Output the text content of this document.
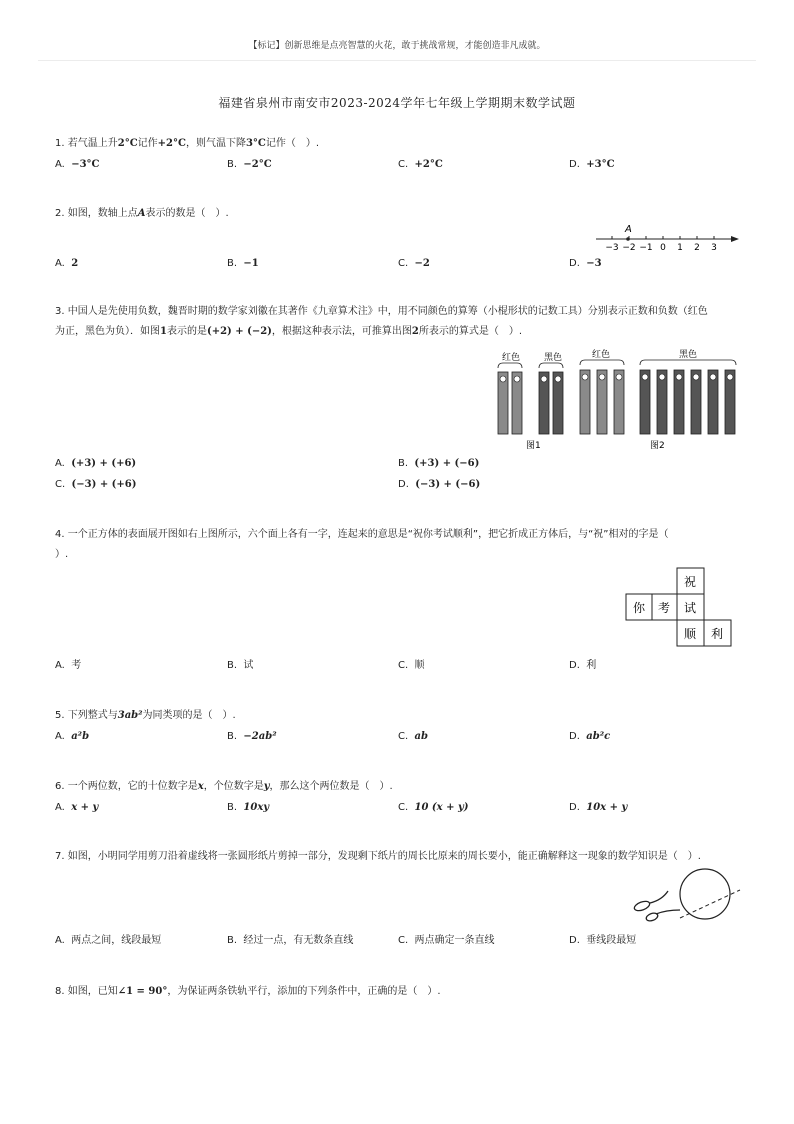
【标记】创新思维是点亮智慧的火花，敢于挑战常规，才能创造非凡成就。
福建省泉州市南安市2023-2024学年七年级上学期期末数学试题
1. 若气温上升2°C记作+2°C，则气温下降3°C记作（　）.
A. −3°C	B. −2°C	C. +2°C	D. +3°C
2. 如图，数轴上点A表示的数是（　）.
−3 −2 −1 0 1 2 3
A
A. 2	B. −1	C. −2	D. −3
3. 中国人是先使用负数，魏晋时期的数学家刘徽在其著作《九章算术注》中，用不同颜色的算筹（小棍形状的记数工具）分别表示正数和负数（红色
为正，黑色为负）．如图1表示的是(+2) + (−2)，根据这种表示法，可推算出图2所表示的算式是（　）.
红色	黑色	红色	黑色
图1	图2
A. (+3) + (+6)	B. (+3) + (−6)
C. (−3) + (+6)	D. (−3) + (−6)
4. 一个正方体的表面展开图如右上图所示，六个面上各有一字，连起来的意思是“祝你考试顺利”，把它折成正方体后，与“祝”相对的字是（
）.
祝
你 考 试
顺 利
A. 考	B. 试	C. 顺	D. 利
5. 下列整式与3ab²为同类项的是（　）.
A. a²b	B. −2ab²	C. ab	D. ab²c
6. 一个两位数，它的十位数字是x，个位数字是y，那么这个两位数是（　）.
A. x + y	B. 10xy	C. 10 (x + y)	D. 10x + y
7. 如图，小明同学用剪刀沿着虚线将一张圆形纸片剪掉一部分，发现剩下纸片的周长比原来的周长要小，能正确解释这一现象的数学知识是（　）.
A. 两点之间，线段最短	B. 经过一点，有无数条直线	C. 两点确定一条直线	D. 垂线段最短
8. 如图，已知∠1 = 90°，为保证两条铁轨平行，添加的下列条件中，正确的是（　）.
